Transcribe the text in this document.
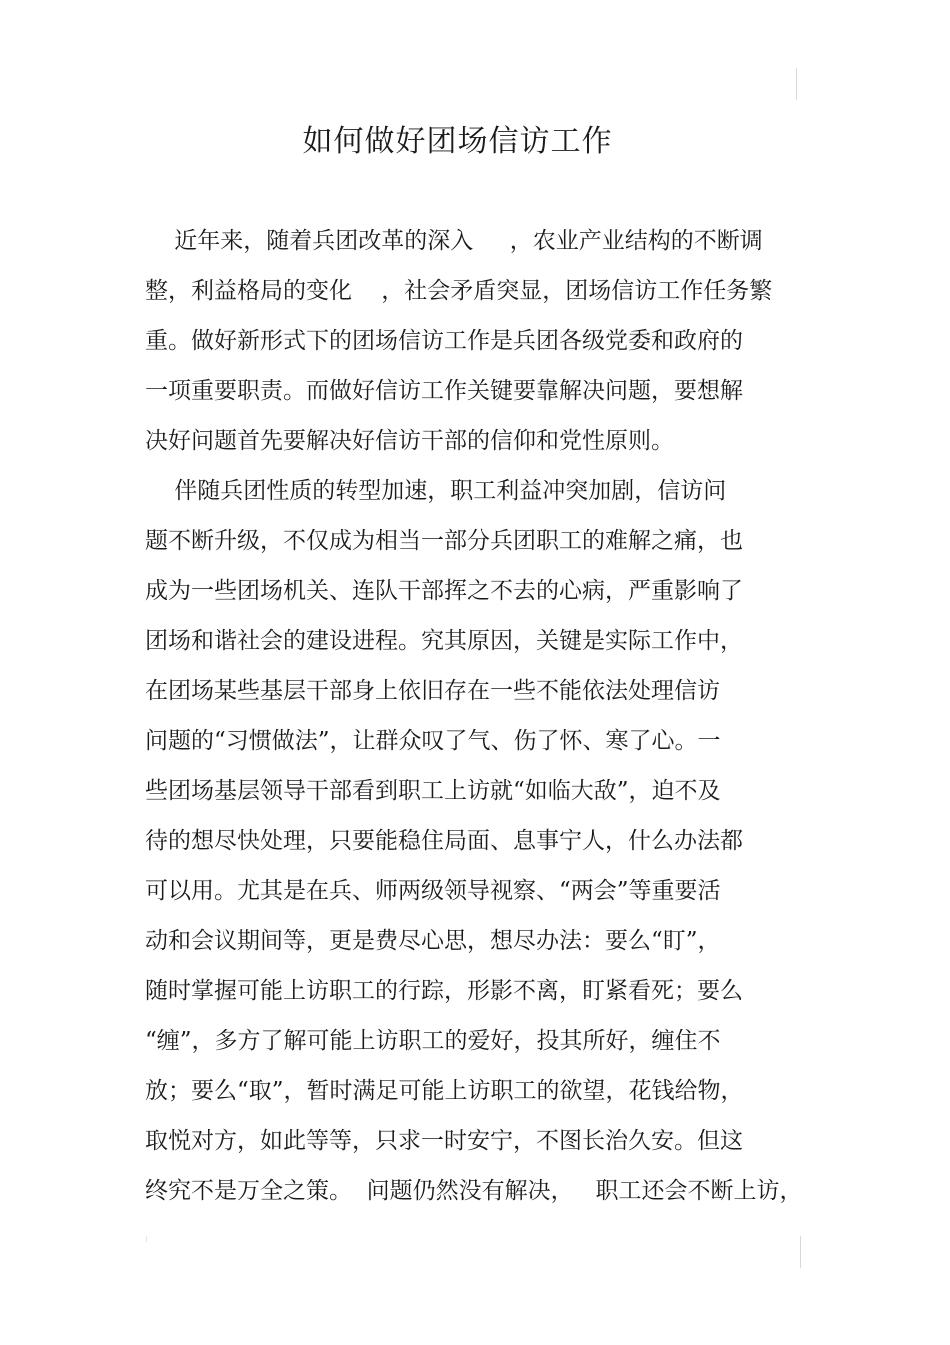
如何做好团场信访工作

近年来，随着兵团改革的深入     ，农业产业结构的不断调

整，利益格局的变化    ，社会矛盾突显，团场信访工作任务繁

重。做好新形式下的团场信访工作是兵团各级党委和政府的

一项重要职责。而做好信访工作关键要靠解决问题，要想解

决好问题首先要解决好信访干部的信仰和党性原则。

伴随兵团性质的转型加速，职工利益冲突加剧，信访问

题不断升级，不仅成为相当一部分兵团职工的难解之痛，也

成为一些团场机关、连队干部挥之不去的心病，严重影响了

团场和谐社会的建设进程。究其原因，关键是实际工作中，

在团场某些基层干部身上依旧存在一些不能依法处理信访

问题的“习惯做法”，让群众叹了气、伤了怀、寒了心。一

些团场基层领导干部看到职工上访就“如临大敌”，迫不及

待的想尽快处理，只要能稳住局面、息事宁人，什么办法都

可以用。尤其是在兵、师两级领导视察、“两会”等重要活

动和会议期间等，更是费尽心思，想尽办法：要么“盯”，

随时掌握可能上访职工的行踪，形影不离，盯紧看死；要么

“缠”，多方了解可能上访职工的爱好，投其所好，缠住不

放；要么“取”，暂时满足可能上访职工的欲望，花钱给物，

取悦对方，如此等等，只求一时安宁，不图长治久安。但这

终究不是万全之策。  问题仍然没有解决，   职工还会不断上访，
